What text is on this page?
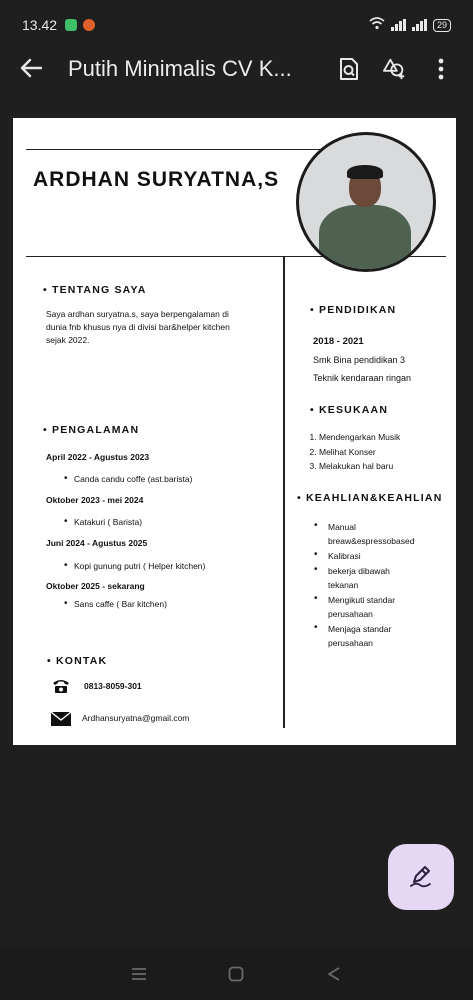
13.42	29
Putih Minimalis CV K...
ARDHAN SURYATNA,S
• TENTANG SAYA
Saya ardhan suryatna.s, saya berpengalaman di
dunia fnb khusus nya di divisi bar&helper kitchen
sejak 2022.
• PENGALAMAN
April 2022 - Agustus 2023
• Canda candu coffe (ast.barista)
Oktober 2023 - mei 2024
• Katakuri ( Barista)
Juni 2024 - Agustus 2025
• Kopi gunung putri ( Helper kitchen)
Oktober 2025 - sekarang
• Sans caffe ( Bar kitchen)
• KONTAK
0813-8059-301
Ardhansuryatna@gmail.com
• PENDIDIKAN
2018 - 2021
Smk Bina pendidikan 3
Teknik kendaraan ringan
• KESUKAAN
1. Mendengarkan Musik
2. Melihat Konser
3. Melakukan hal baru
• KEAHLIAN&KEAHLIAN
• Manual
breaw&espressobased
• Kalibrasi
• bekerja dibawah
tekanan
• Mengikuti standar
perusahaan
• Menjaga standar
perusahaan
